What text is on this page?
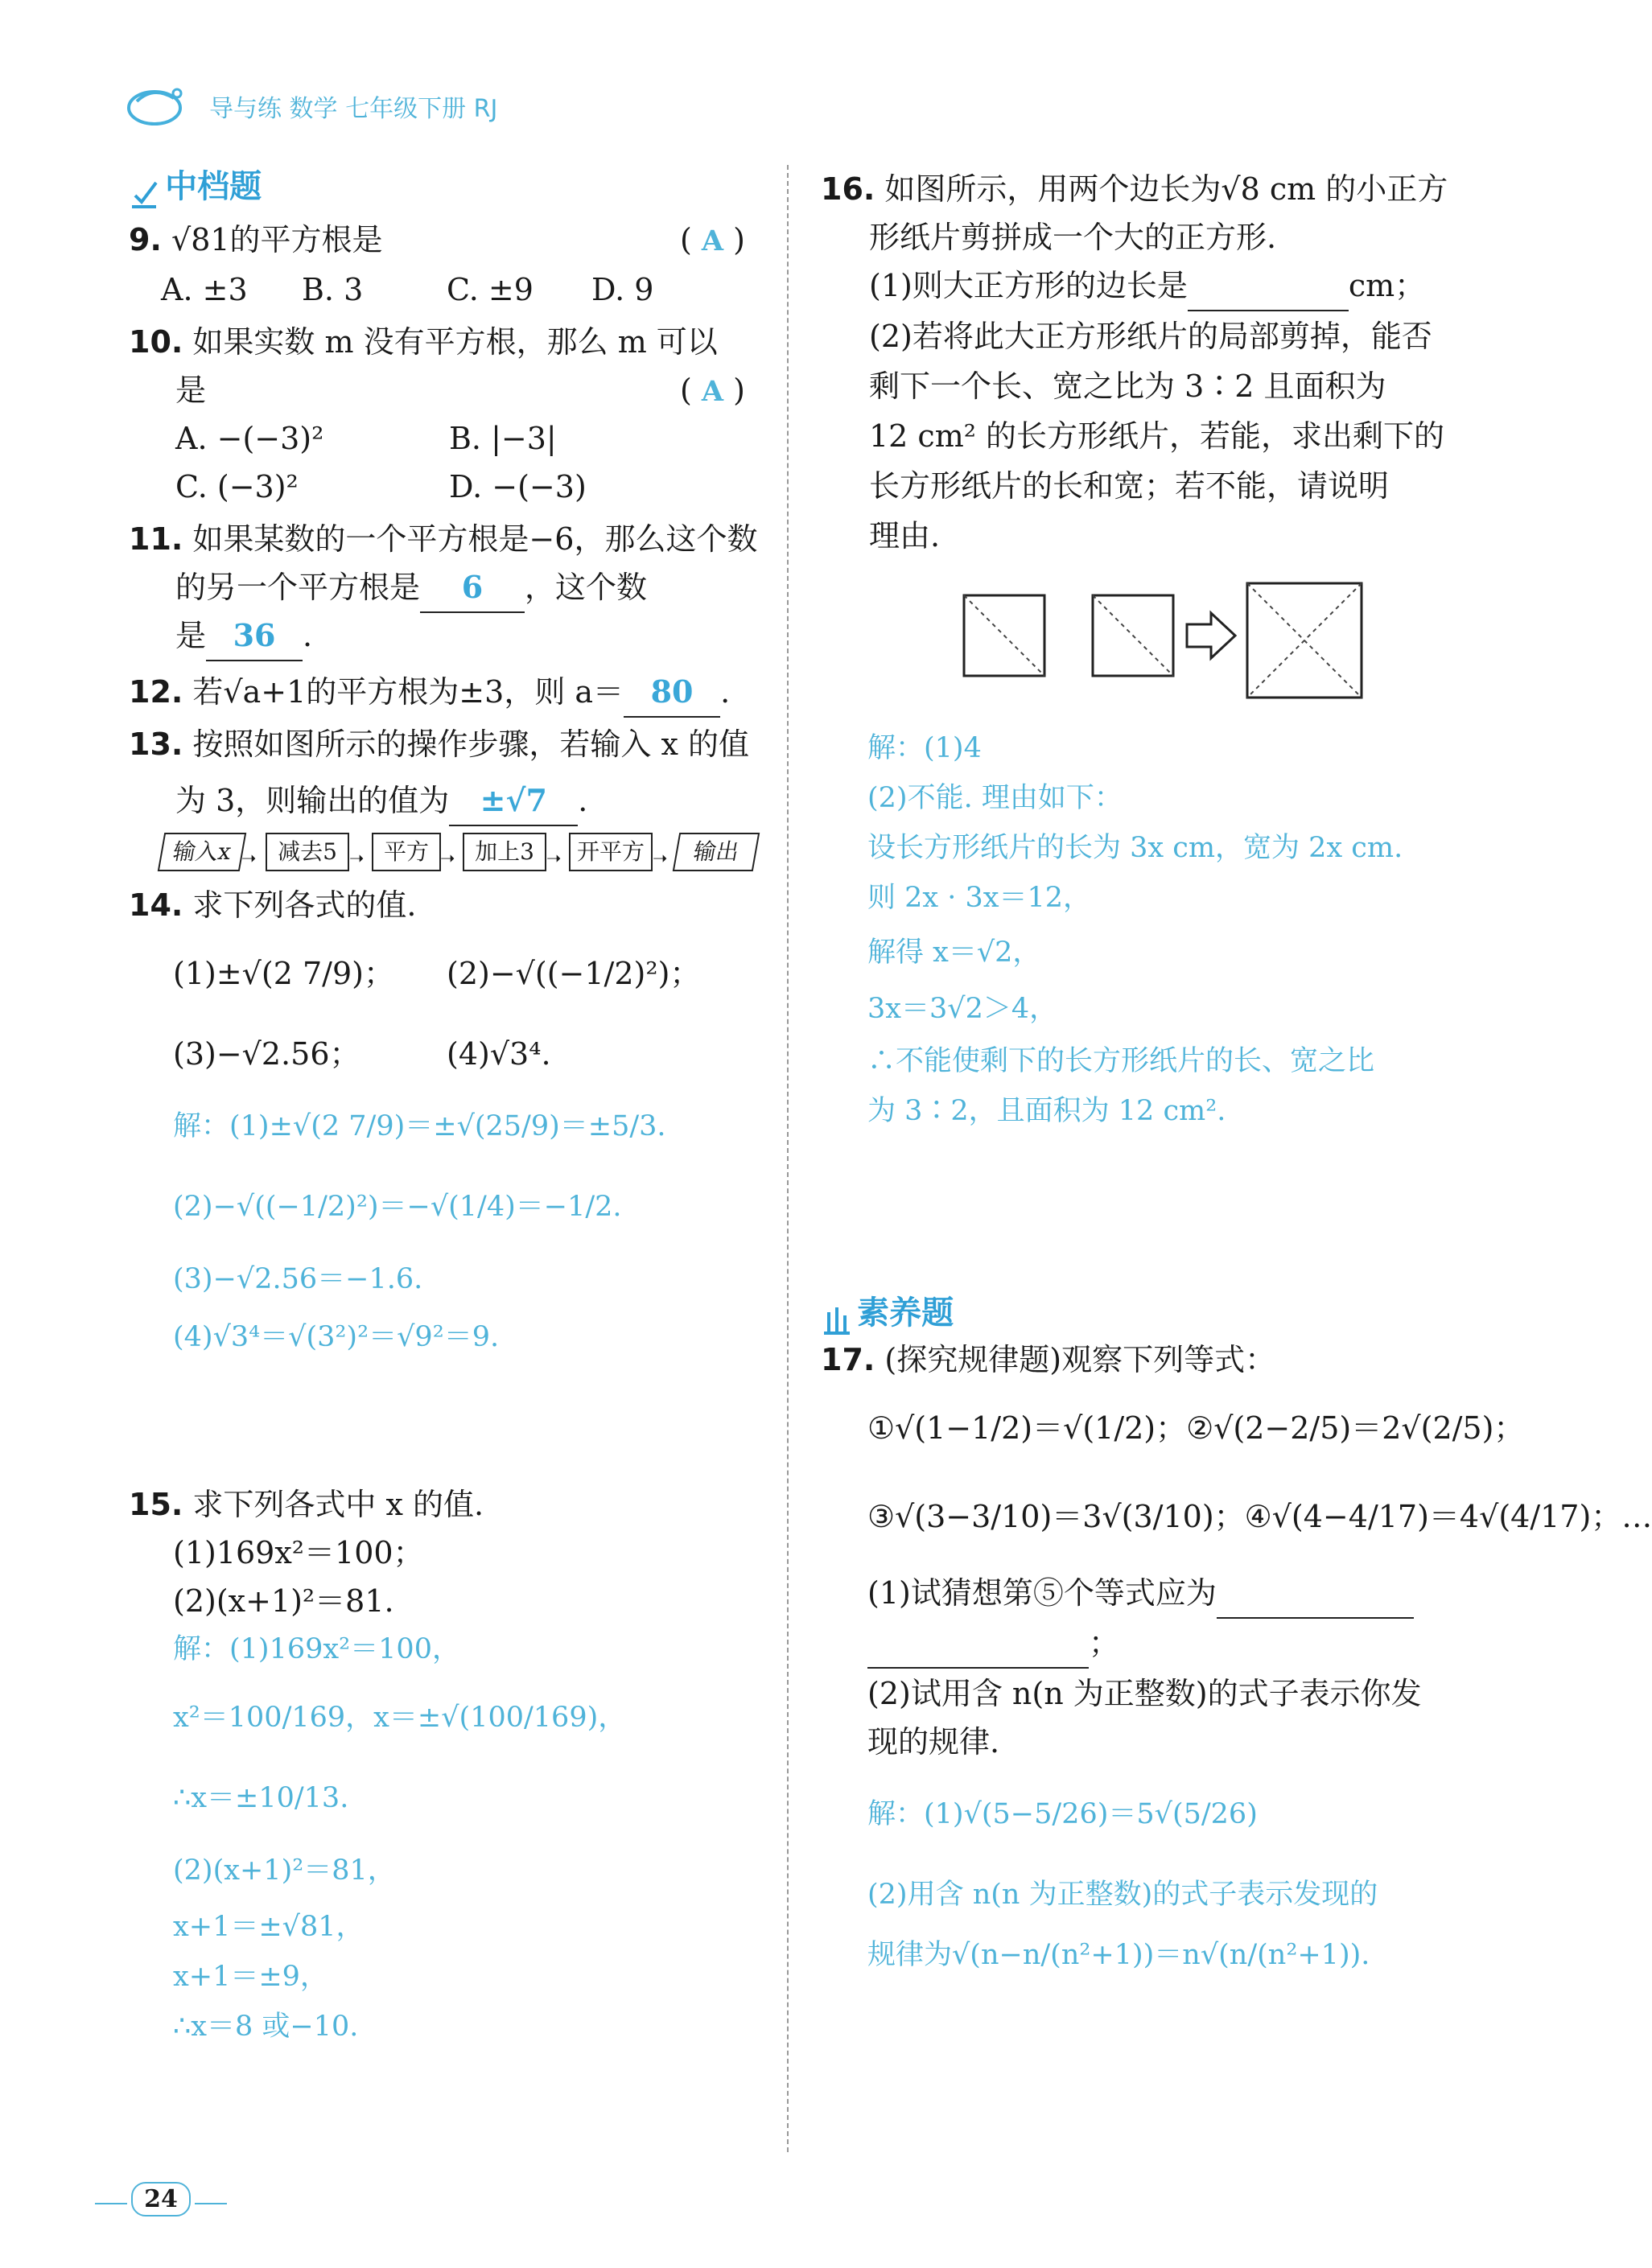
导与练 数学 七年级下册 RJ
中档题
9. √81的平方根是	( A )
A. ±3 B. 3	C. ±9 D. 9
10. 如果实数 m 没有平方根，那么 m 可以
是	( A )
A. −(−3)²	B. |−3|
C. (−3)²	D. −(−3)
11. 如果某数的一个平方根是−6，那么这个数
的另一个平方根是 6 ，这个数
是 36 .
12. 若√a+1的平方根为±3，则 a＝ 80 .
13. 按照如图所示的操作步骤，若输入 x 的值
为 3，则输出的值为 ±√7 .
输入x ➝ 减去5 ➝ 平方 ➝ 加上3 ➝ 开平方 ➝	输出
14. 求下列各式的值.
(1)±√(2 7/9)； (2)−√((−1/2)²)；
(3)−√2.56；	(4)√3⁴.
解：(1)±√(2 7/9)＝±√(25/9)＝±5/3.
(2)−√((−1/2)²)＝−√(1/4)＝−1/2.
(3)−√2.56＝−1.6.
(4)√3⁴＝√(3²)²＝√9²＝9.
15. 求下列各式中 x 的值.
(1)169x²＝100；
(2)(x+1)²＝81.
解：(1)169x²＝100，
x²＝100/169，x＝±√(100/169)，
∴x＝±10/13.
(2)(x+1)²＝81，
x+1＝±√81，
x+1＝±9，
∴x＝8 或−10.
16. 如图所示，用两个边长为√8 cm 的小正方
形纸片剪拼成一个大的正方形.
(1)则大正方形的边长是	cm；
(2)若将此大正方形纸片的局部剪掉，能否
剩下一个长、宽之比为 3∶2 且面积为
12 cm² 的长方形纸片，若能，求出剩下的
长方形纸片的长和宽；若不能，请说明
理由.
解：(1)4
(2)不能. 理由如下：
设长方形纸片的长为 3x cm，宽为 2x cm.
则 2x · 3x＝12，
解得 x＝√2，
3x＝3√2＞4，
∴不能使剩下的长方形纸片的长、宽之比
为 3∶2，且面积为 12 cm².
素养题
17. (探究规律题)观察下列等式：
①√(1−1/2)＝√(1/2)；②√(2−2/5)＝2√(2/5)；
③√(3−3/10)＝3√(3/10)；④√(4−4/17)＝4√(4/17)；…
(1)试猜想第⑤个等式应为
；
(2)试用含 n(n 为正整数)的式子表示你发
现的规律.
解：(1)√(5−5/26)＝5√(5/26)
(2)用含 n(n 为正整数)的式子表示发现的
规律为√(n−n/(n²+1))＝n√(n/(n²+1)).
24
